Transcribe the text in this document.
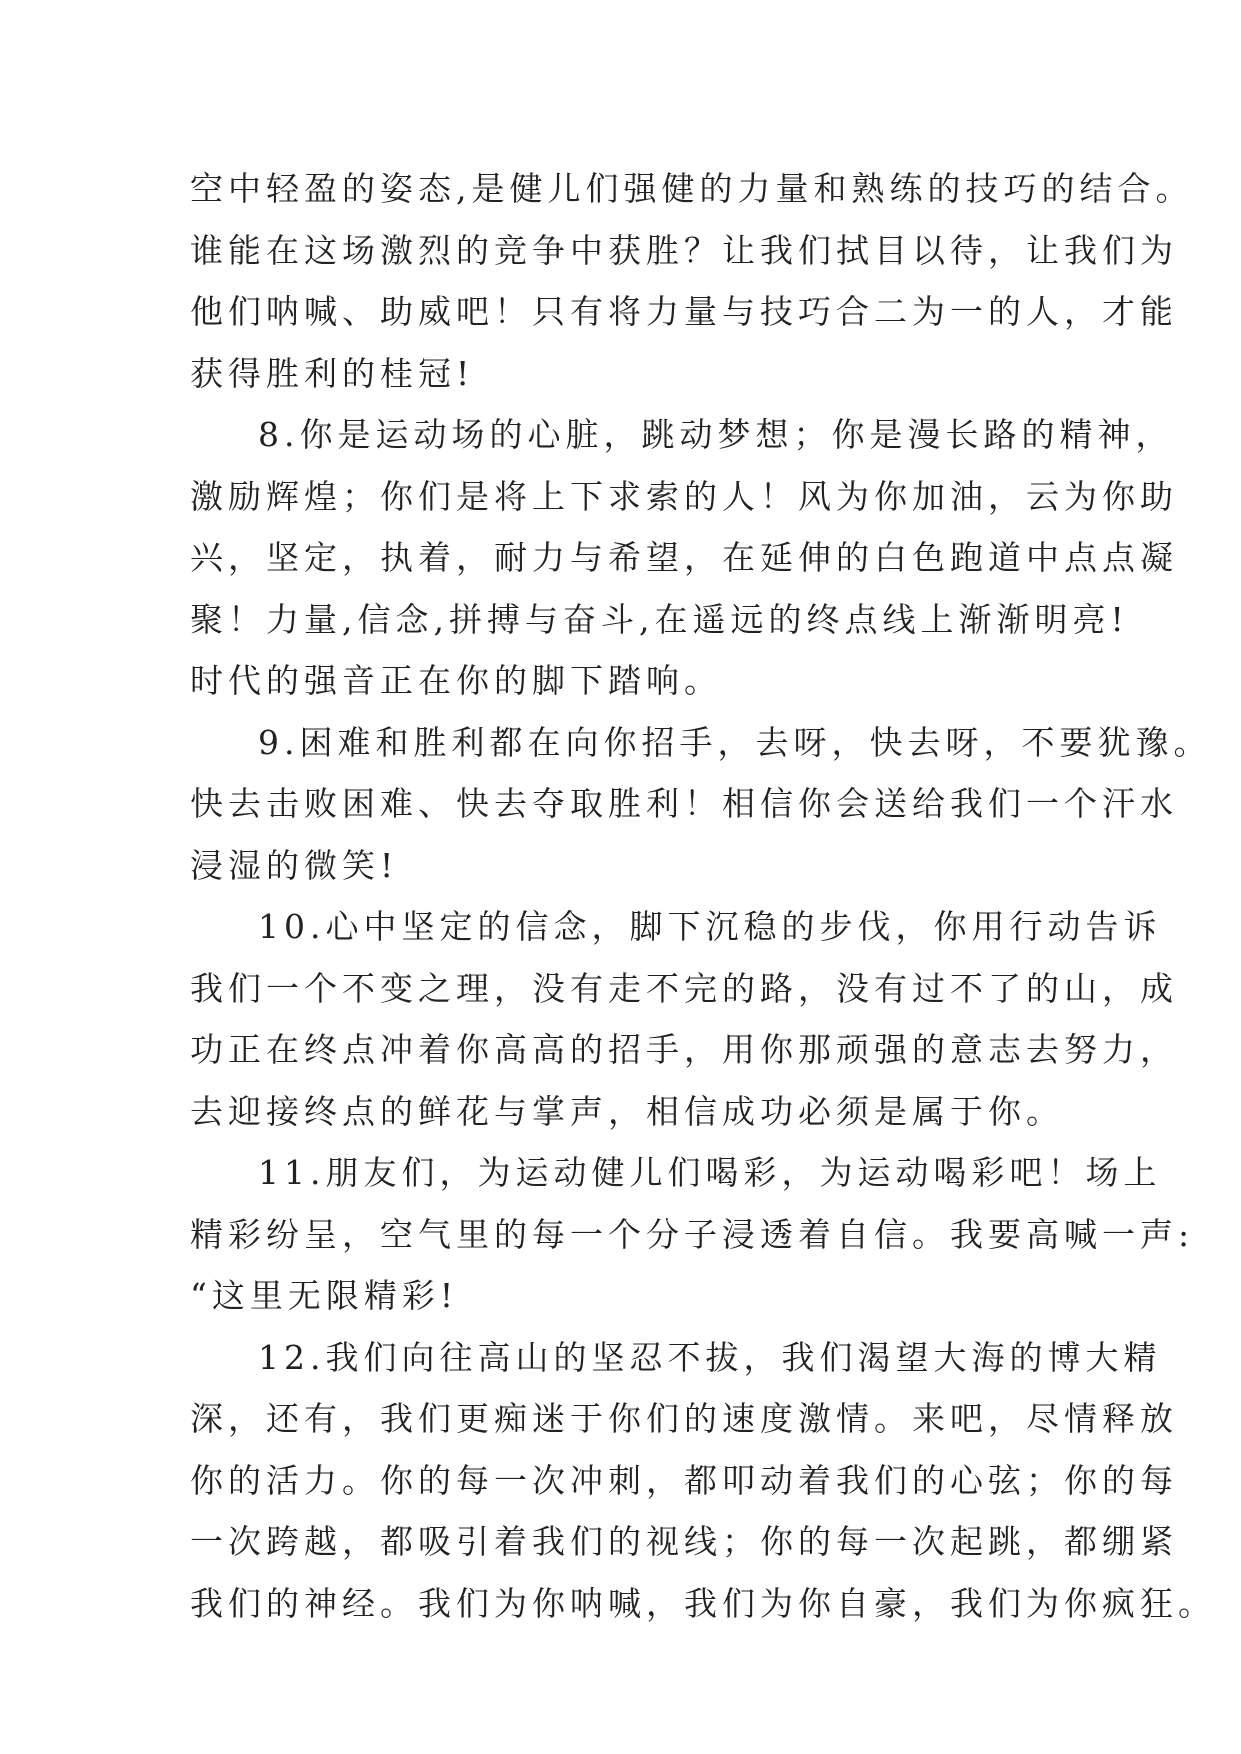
空中轻盈的姿态,是健儿们强健的力量和熟练的技巧的结合。
谁能在这场激烈的竞争中获胜？让我们拭目以待，让我们为
他们呐喊、助威吧！只有将力量与技巧合二为一的人，才能
获得胜利的桂冠!
8.你是运动场的心脏，跳动梦想；你是漫长路的精神，
激励辉煌；你们是将上下求索的人！风为你加油，云为你助
兴，坚定，执着，耐力与希望，在延伸的白色跑道中点点凝
聚！力量,信念,拼搏与奋斗,在遥远的终点线上渐渐明亮!
时代的强音正在你的脚下踏响。
9.困难和胜利都在向你招手，去呀，快去呀，不要犹豫。
快去击败困难、快去夺取胜利！相信你会送给我们一个汗水
浸湿的微笑!
10.心中坚定的信念，脚下沉稳的步伐，你用行动告诉
我们一个不变之理，没有走不完的路，没有过不了的山，成
功正在终点冲着你高高的招手，用你那顽强的意志去努力，
去迎接终点的鲜花与掌声，相信成功必须是属于你。
11.朋友们，为运动健儿们喝彩，为运动喝彩吧！场上
精彩纷呈，空气里的每一个分子浸透着自信。我要高喊一声:
“这里无限精彩!
12.我们向往高山的坚忍不拔，我们渴望大海的博大精
深，还有，我们更痴迷于你们的速度激情。来吧，尽情释放
你的活力。你的每一次冲刺，都叩动着我们的心弦；你的每
一次跨越，都吸引着我们的视线；你的每一次起跳，都绷紧
我们的神经。我们为你呐喊，我们为你自豪，我们为你疯狂。
